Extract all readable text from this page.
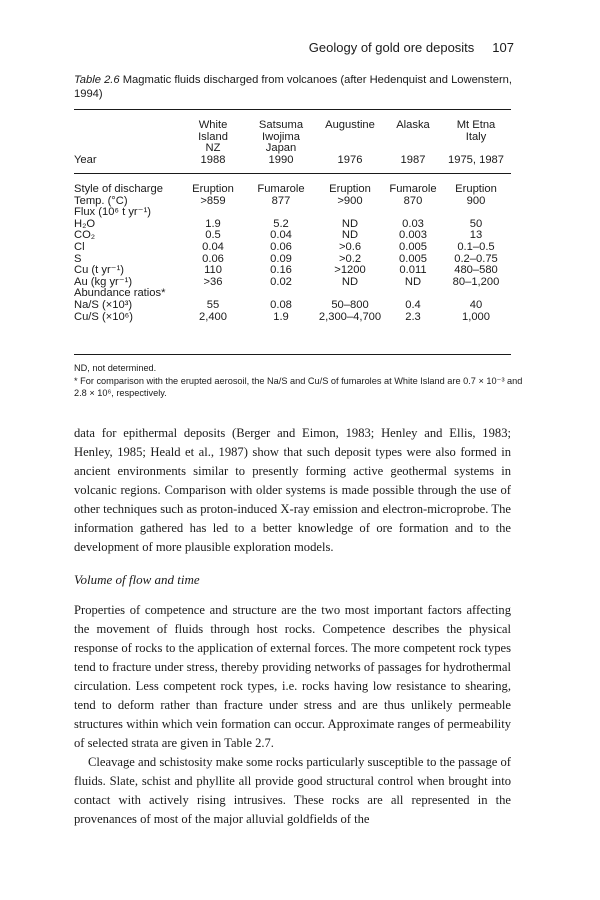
Geology of gold ore deposits 107
Table 2.6 Magmatic fluids discharged from volcanoes (after Hedenquist and Lowenstern, 1994)
	White	Satsuma	Augustine	Alaska	Mt Etna
	Island	Iwojima			Italy
	NZ	Japan			
Year	1988	1990	1976	1987	1975, 1987
Style of discharge	Eruption	Fumarole	Eruption	Fumarole	Eruption
Temp. (°C)	>859	877	>900	870	900
Flux (10⁶ t yr⁻¹)					
H₂O	1.9	5.2	ND	0.03	50
CO₂	0.5	0.04	ND	0.003	13
Cl	0.04	0.06	>0.6	0.005	0.1–0.5
S	0.06	0.09	>0.2	0.005	0.2–0.75
Cu (t yr⁻¹)	110	0.16	>1200	0.011	480–580
Au (kg yr⁻¹)	>36	0.02	ND	ND	80–1,200
Abundance ratios*					
Na/S (×10³)	55	0.08	50–800	0.4	40
Cu/S (×10⁶)	2,400	1.9	2,300–4,700	2.3	1,000
ND, not determined.
* For comparison with the erupted aerosoil, the Na/S and Cu/S of fumaroles at White Island are 0.7 × 10⁻³ and 2.8 × 10⁶, respectively.

data for epithermal deposits (Berger and Eimon, 1983; Henley and Ellis, 1983; Henley, 1985; Heald et al., 1987) show that such deposit types were also formed in ancient environments similar to presently forming active geothermal systems in volcanic regions. Comparison with older systems is made possible through the use of other techniques such as proton-induced X-ray emission and electron-microprobe. The information gathered has led to a better knowledge of ore formation and to the development of more plausible exploration models.

Volume of flow and time

Properties of competence and structure are the two most important factors affecting the movement of fluids through host rocks. Competence describes the physical response of rocks to the application of external forces. The more competent rock types tend to fracture under stress, thereby providing networks of passages for hydrothermal circulation. Less competent rock types, i.e. rocks having low resistance to shearing, tend to deform rather than fracture under stress and are thus unlikely permeable structures within which vein formation can occur. Approximate ranges of permeability of selected strata are given in Table 2.7.

Cleavage and schistosity make some rocks particularly susceptible to the passage of fluids. Slate, schist and phyllite all provide good structural control when brought into contact with actively rising intrusives. These rocks are all represented in the provenances of most of the major alluvial goldfields of the
